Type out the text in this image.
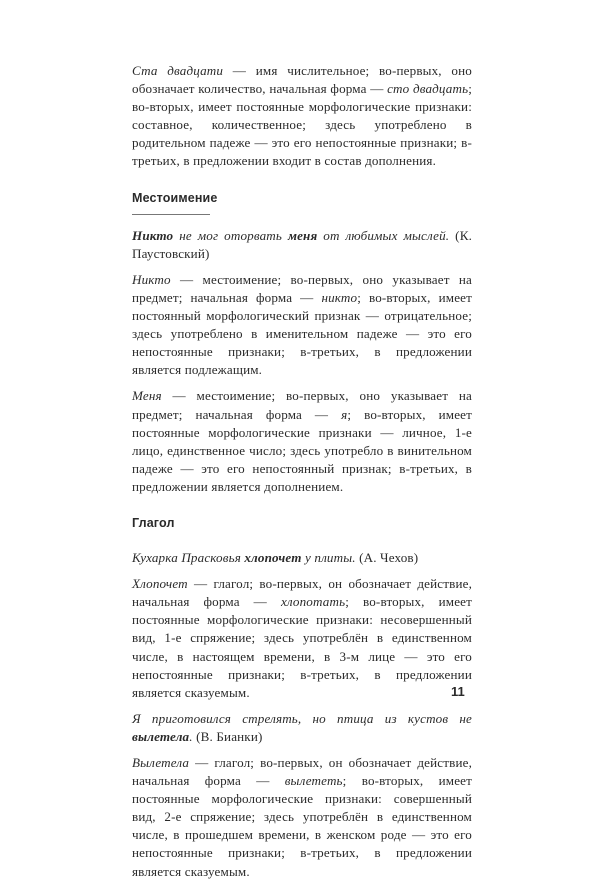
Ста двадцати — имя числительное; во-первых, оно обозначает количество, начальная форма — сто двадцать; во-вторых, имеет постоянные морфологические признаки: составное, количественное; здесь употреблено в родительном падеже — это его непостоянные признаки; в-третьих, в предложении входит в состав дополнения.
Местоимение
Никто не мог оторвать меня от любимых мыслей. (К. Паустовский)
Никто — местоимение; во-первых, оно указывает на предмет; начальная форма — никто; во-вторых, имеет постоянный морфологический признак — отрицательное; здесь употреблено в именительном падеже — это его непостоянные признаки; в-третьих, в предложении является подлежащим.
Меня — местоимение; во-первых, оно указывает на предмет; начальная форма — я; во-вторых, имеет постоянные морфологические признаки — личное, 1-е лицо, единственное число; здесь употребло в винительном падеже — это его непостоянный признак; в-третьих, в предложении является дополнением.
Глагол
Кухарка Прасковья хлопочет у плиты. (А. Чехов)
Хлопочет — глагол; во-первых, он обозначает действие, начальная форма — хлопотать; во-вторых, имеет постоянные морфологические признаки: несовершенный вид, 1-е спряжение; здесь употреблён в единственном числе, в настоящем времени, в 3-м лице — это его непостоянные признаки; в-третьих, в предложении является сказуемым.
Я приготовился стрелять, но птица из кустов не вылетела. (В. Бианки)
Вылетела — глагол; во-первых, он обозначает действие, начальная форма — вылететь; во-вторых, имеет постоянные морфологические признаки: совершенный вид, 2-е спряжение; здесь употреблён в единственном числе, в прошедшем времени, в женском роде — это его непостоянные признаки; в-третьих, в предложении является сказуемым.
11
